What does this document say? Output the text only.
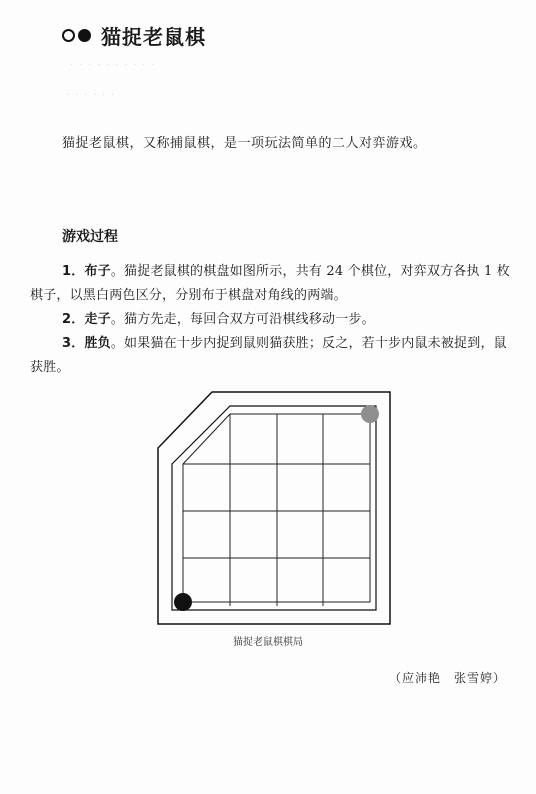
· · · · · · · · · ·
· · · · · ·
猫捉老鼠棋
猫捉老鼠棋，又称捕鼠棋，是一项玩法简单的二人对弈游戏。
游戏过程
1．布子。猫捉老鼠棋的棋盘如图所示，共有 24 个棋位，对弈双方各执 1 枚棋子，以黑白两色区分，分别布于棋盘对角线的两端。
2．走子。猫方先走，每回合双方可沿棋线移动一步。
3．胜负。如果猫在十步内捉到鼠则猫获胜；反之，若十步内鼠未被捉到，鼠获胜。
猫捉老鼠棋棋局
（应沛艳　张雪婷）
